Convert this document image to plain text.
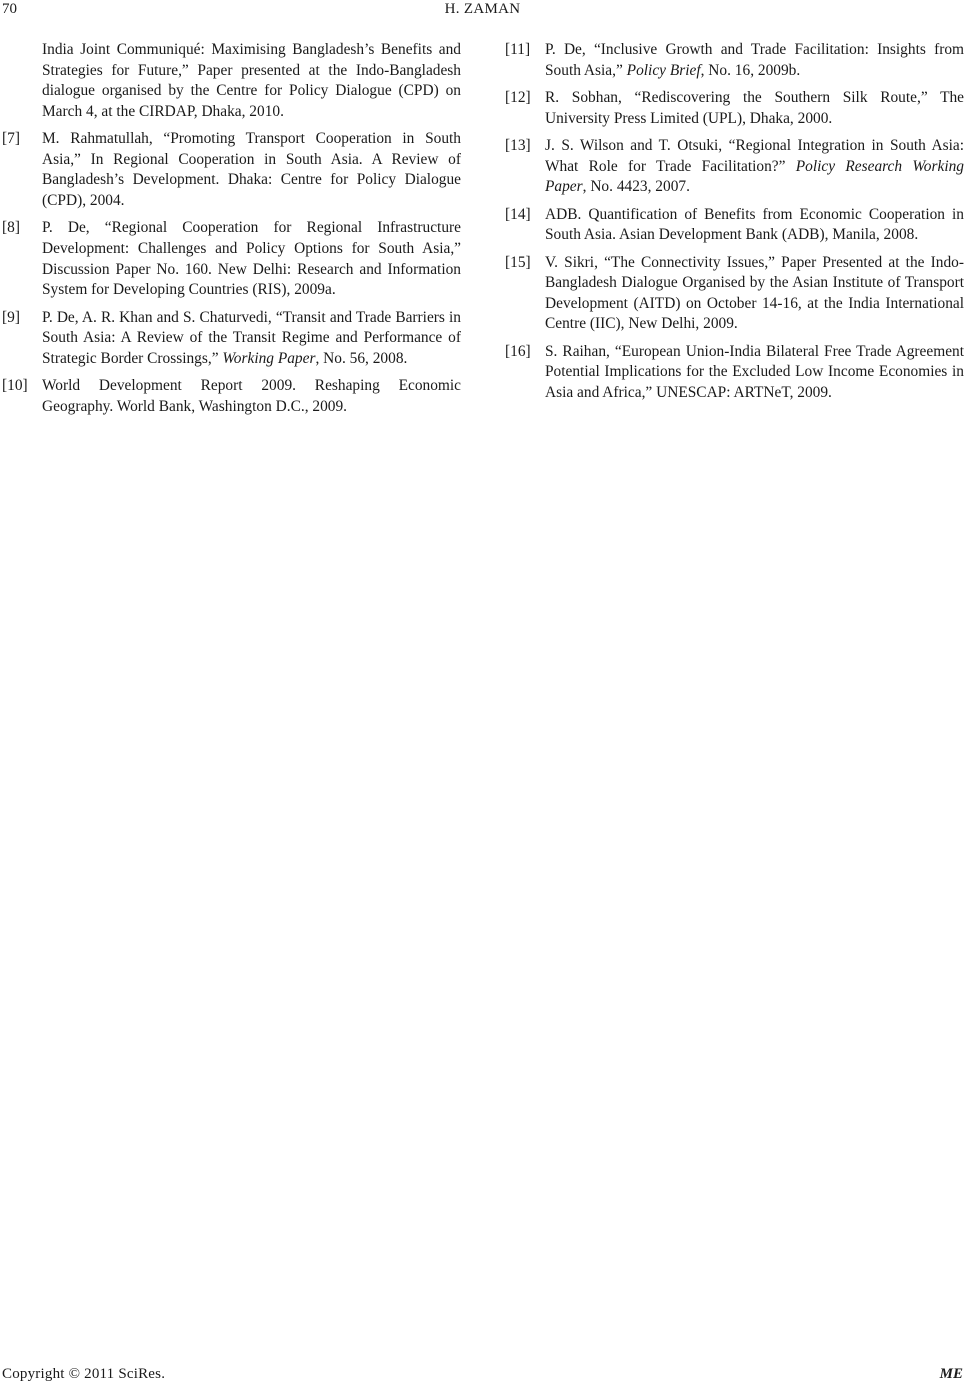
70	H. ZAMAN
India Joint Communiqué: Maximising Bangladesh’s Benefits and Strategies for Future,” Paper presented at the Indo-Bangladesh dialogue organised by the Centre for Policy Dialogue (CPD) on March 4, at the CIRDAP, Dhaka, 2010.
[7] M. Rahmatullah, “Promoting Transport Cooperation in South Asia,” In Regional Cooperation in South Asia. A Review of Bangladesh’s Development. Dhaka: Centre for Policy Dialogue (CPD), 2004.
[8] P. De, “Regional Cooperation for Regional Infrastructure Development: Challenges and Policy Options for South Asia,” Discussion Paper No. 160. New Delhi: Research and Information System for Developing Countries (RIS), 2009a.
[9] P. De, A. R. Khan and S. Chaturvedi, “Transit and Trade Barriers in South Asia: A Review of the Transit Regime and Performance of Strategic Border Crossings,” Working Paper, No. 56, 2008.
[10] World Development Report 2009. Reshaping Economic Geography. World Bank, Washington D.C., 2009.
[11] P. De, “Inclusive Growth and Trade Facilitation: Insights from South Asia,” Policy Brief, No. 16, 2009b.
[12] R. Sobhan, “Rediscovering the Southern Silk Route,” The University Press Limited (UPL), Dhaka, 2000.
[13] J. S. Wilson and T. Otsuki, “Regional Integration in South Asia: What Role for Trade Facilitation?” Policy Research Working Paper, No. 4423, 2007.
[14] ADB. Quantification of Benefits from Economic Cooperation in South Asia. Asian Development Bank (ADB), Manila, 2008.
[15] V. Sikri, “The Connectivity Issues,” Paper Presented at the Indo-Bangladesh Dialogue Organised by the Asian Institute of Transport Development (AITD) on October 14-16, at the India International Centre (IIC), New Delhi, 2009.
[16] S. Raihan, “European Union-India Bilateral Free Trade Agreement Potential Implications for the Excluded Low Income Economies in Asia and Africa,” UNESCAP: ARTNeT, 2009.
Copyright © 2011 SciRes.	ME
